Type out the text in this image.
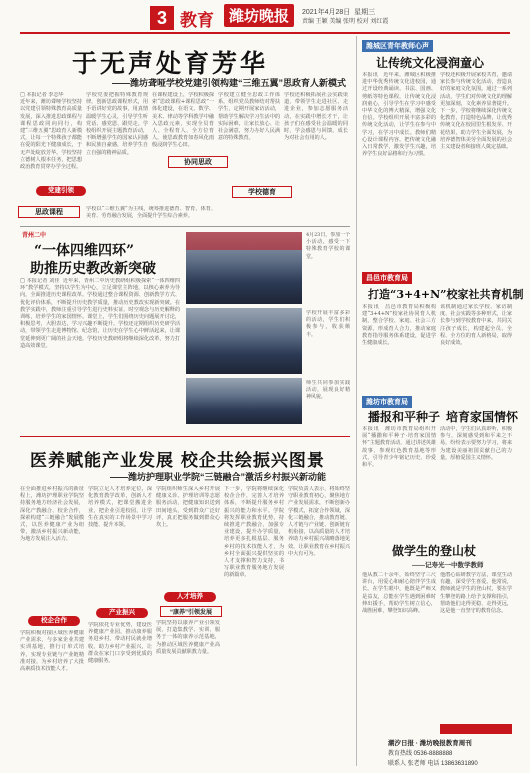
3 教育	潍坊晚报	2021年4月28日 星期三
责编 王颖 美编 张明 校对 刘红霞
于无声处育芳华
——潍坊聋哑学校党建引领构建“三维五翼”思政育人新模式
□ 本报记者 李志华
近年来，潍坊聋哑学校坚持以党建引领特殊教育高质量发展，深入推进思政课程与课程思政同向同行，构建“三维五翼”思政育人新模式，让每一个特殊孩子都能在爱的阳光下健康成长，于无声处绽放芳华。学校坚持立德树人根本任务，把思想政治教育贯穿办学全过程。
学校党委把握特殊教育规律，创新思政课程形式，用手语讲好党的故事，用真情温暖学生心灵，引导学生听党话、感党恩、跟党走。学校组织开展主题教育活动，不断增强学生的国家认同感和民族自豪感，培养学生自立自强的精神品质。
在课程建设上，学校积极探索“思政课程+课程思政”一体化建设，在语文、数学、美术、律动等学科教学中融入思政元素，实现全员育人、全程育人、全方位育人，使思政教育如春风化雨般浸润学生心田。
学校建立健全思政工作体系，组织党员教师结对帮扶学生，定期开展家访活动，帮助学生解决学习生活中的实际困难，让家长放心、让社会满意，努力办好人民满意的特殊教育。
学校还积极拓展社会实践渠道，带领学生走进社区、走进企业，参加志愿服务活动，在实践中增长才干，让孩子们在感受社会温暖的同时，学会感恩与回馈，成长为对社会有用的人。
党建引领
思政课程
协同思政
学校德育
学校以“三维五翼”为主线，统筹推进德育、智育、体育、美育、劳育融合发展，全面提升学生综合素养。
青州二中
“一体四维四环”
助推历史教改新突破
□ 本报记者 刘佳  近年来，青州二中历史教研组积极探索“一体四维四环”教学模式，坚持以学生为中心，立足课堂主阵地，以核心素养为导向，全面推进历史课程改革。学校通过整合课程资源、创新教学方式、优化评价体系，不断提升历史教学质量，推动历史教改实现新突破。在教学实践中，教师注重引导学生进行史料实证、时空观念与历史解释的训练，培养学生的家国情怀。课堂上，学生们围绕历史问题展开讨论，积极思考，大胆表达，学习兴趣不断提升。学校还定期组织历史研学活动，带领学生走进博物馆、纪念馆，让历史在学生心中鲜活起来，让课堂延伸到更广阔的社会天地。学校历史教研组将继续深化改革，努力打造高效课堂。
4月23日，参加一个小活动，感受一下特殊教育学校的课堂。
学校开展丰富多彩的活动，学生们积极参与，收获颇丰。
师生共同参加实践活动，展现良好精神风貌。
医养赋能产业发展 校企共绘振兴图景
——潍坊护理职业学院“三链融合”激活乡村振兴新动能
在全面推进乡村振兴的新征程上，潍坊护理职业学院坚持服务地方经济社会发展，深化产教融合、校企合作，探索构建“三链融合”发展模式，以医养健康产业为纽带，激活乡村振兴新动能，为地方发展注入活力。
校企合作
学院积极对接区域医养健康产业需求，与多家企业共建实训基地，推行订单式培养，实现专业链与产业链精准对接，为乡村培养了大批高素质技术技能人才。
学院立足人才培养定位，深化教育教学改革，创新人才培养模式，把课堂搬进企业，把企业引进校园，让学生在真实的工作场景中学习技能、提升本领。
产业振兴
学院依托专业优势，建设医养健康产业园，推动康养服务进乡村，带动村民就业增收，助力乡村产业振兴，让群众在家门口享受到优质的健康服务。
学院组织师生深入乡村开展健康义诊、护理培训等志愿服务活动，把健康知识送到田间地头，受到群众广泛好评，真正把服务做到群众心坎上。
人才培养
“康养”引领发展
学院坚持以康养产业引领发展，打造集教学、实训、服务于一体的康养示范基地，为推动区域医养健康产业高质量发展贡献职教力量。
下一步，学院将继续深化校企合作，完善人才培养体系，不断提升服务乡村振兴的能力和水平。学院将发挥职业教育优势，持续推进产教融合，加强专业建设，提升办学质量，培养更多扎根基层、服务乡村的技术技能人才，为乡村全面振兴提供坚实的人才支撑和智力支持，书写职业教育服务地方发展的新篇章。
学院负责人表示，将始终坚守职业教育初心，聚焦地方产业发展需求，不断创新办学模式，拓宽合作领域，深化三链融合，推动教育链、人才链与产业链、创新链有机衔接，以高质量的人才培养助力乡村振兴战略落地见效，让职业教育在乡村振兴中大有可为。
潍城区青年教师心声
让传统文化浸润童心
本报讯　近年来，潍城区积极推进中华优秀传统文化进校园，通过开设经典诵读、书法、国画、剪纸等特色课程，让传统文化浸润童心，引导学生在学习中感受中华文化的博大精深，增强文化自信。学校组织开展丰富多彩的传统文化活动，让学生在参与中学习，在学习中成长。教师们精心设计课程内容，把传统文化融入日常教学，激发学生兴趣，培养学生良好品格和行为习惯。
学校还积极开展家校共育，邀请家长参与传统文化活动，营造良好的家庭文化氛围。通过一系列活动，学生们对传统文化的理解更加深刻，文化素养显著提升。下一步，学校将继续深化传统文化教育，打造特色品牌，让优秀传统文化在校园里生根发芽、开花结果，助力学生全面发展，为培养德智体美劳全面发展的社会主义建设者和接班人奠定基础。
昌邑市教育局
打造“3+4+N”校家社共育机制
本报讯　昌邑市教育局积极构建“3+4+N”校家社协同育人机制，整合学校、家庭、社会三方资源，形成育人合力，推动家庭教育指导服务体系建设，促进学生健康成长。
该机制通过家长学校、家访制度、社会实践等多种形式，让家长参与到学校教育中来，共同关注孩子成长，构建起全员、全程、全方位的育人新格局，取得良好成效。
潍坊市教育局
播报和平种子 培育家国情怀
本报讯　潍坊市教育局组织开展“播撒和平种子·培育家国情怀”主题教育活动，通过讲述英雄故事、参观红色教育基地等形式，引导青少年铭记历史、珍爱和平。
活动中，学生们认真聆听，积极参与，深刻感受到和平来之不易，纷纷表示要努力学习，将来为建设美丽祖国贡献自己的力量，厚植爱国主义情怀。
做学生的登山杖
——记寿光一中数学教师
他从教二十余年，始终坚守三尺讲台，用爱心和耐心陪伴学生成长。在学生眼中，他既是严师又是益友，总能在学生遇到困难时伸出援手，帮助学生树立信心，战胜困难，攀登知识高峰。
他潜心钻研教学方法，课堂生动有趣，深受学生喜爱。他常说，教师就是学生的登山杖，要在学生攀登的路上给予支撑和指引，帮助他们走得更稳、走得更远，这是他一直坚守的教育信念。
潮汐日报 · 潍坊晚报教育周刊
教育热线 0536-8888888
联系人 张老师 电话 13863631890
